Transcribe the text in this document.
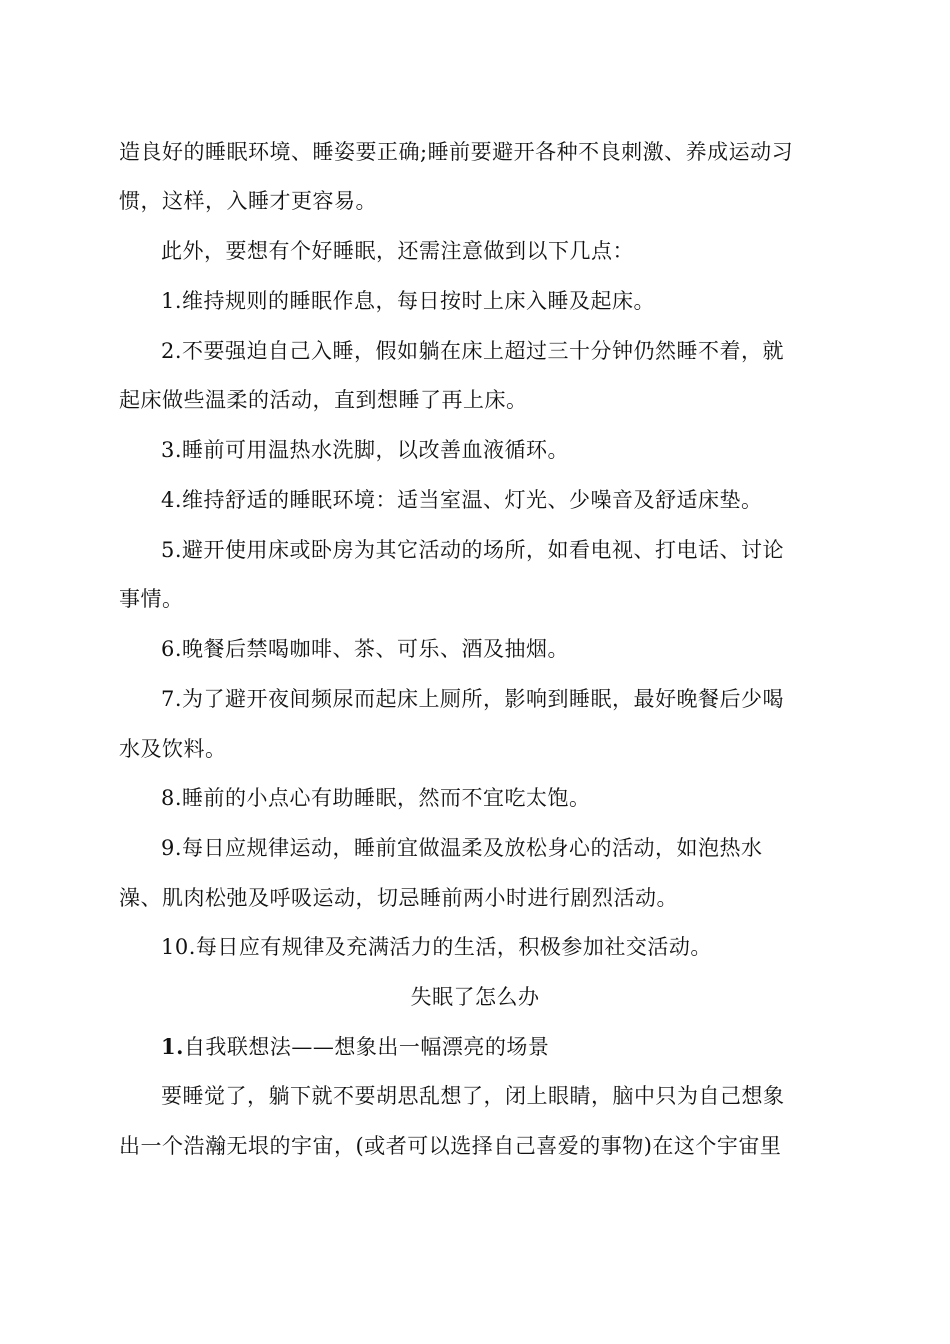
造良好的睡眠环境、睡姿要正确;睡前要避开各种不良刺激、养成运动习
惯，这样，入睡才更容易。
此外，要想有个好睡眠，还需注意做到以下几点：
1.维持规则的睡眠作息，每日按时上床入睡及起床。
2.不要强迫自己入睡，假如躺在床上超过三十分钟仍然睡不着，就
起床做些温柔的活动，直到想睡了再上床。
3.睡前可用温热水洗脚，以改善血液循环。
4.维持舒适的睡眠环境：适当室温、灯光、少噪音及舒适床垫。
5.避开使用床或卧房为其它活动的场所，如看电视、打电话、讨论
事情。
6.晚餐后禁喝咖啡、茶、可乐、酒及抽烟。
7.为了避开夜间频尿而起床上厕所，影响到睡眠，最好晚餐后少喝
水及饮料。
8.睡前的小点心有助睡眠，然而不宜吃太饱。
9.每日应规律运动，睡前宜做温柔及放松身心的活动，如泡热水
澡、肌肉松弛及呼吸运动，切忌睡前两小时进行剧烈活动。
10.每日应有规律及充满活力的生活，积极参加社交活动。
失眠了怎么办
1.自我联想法——想象出一幅漂亮的场景
要睡觉了，躺下就不要胡思乱想了，闭上眼睛，脑中只为自己想象
出一个浩瀚无垠的宇宙，(或者可以选择自己喜爱的事物)在这个宇宙里
